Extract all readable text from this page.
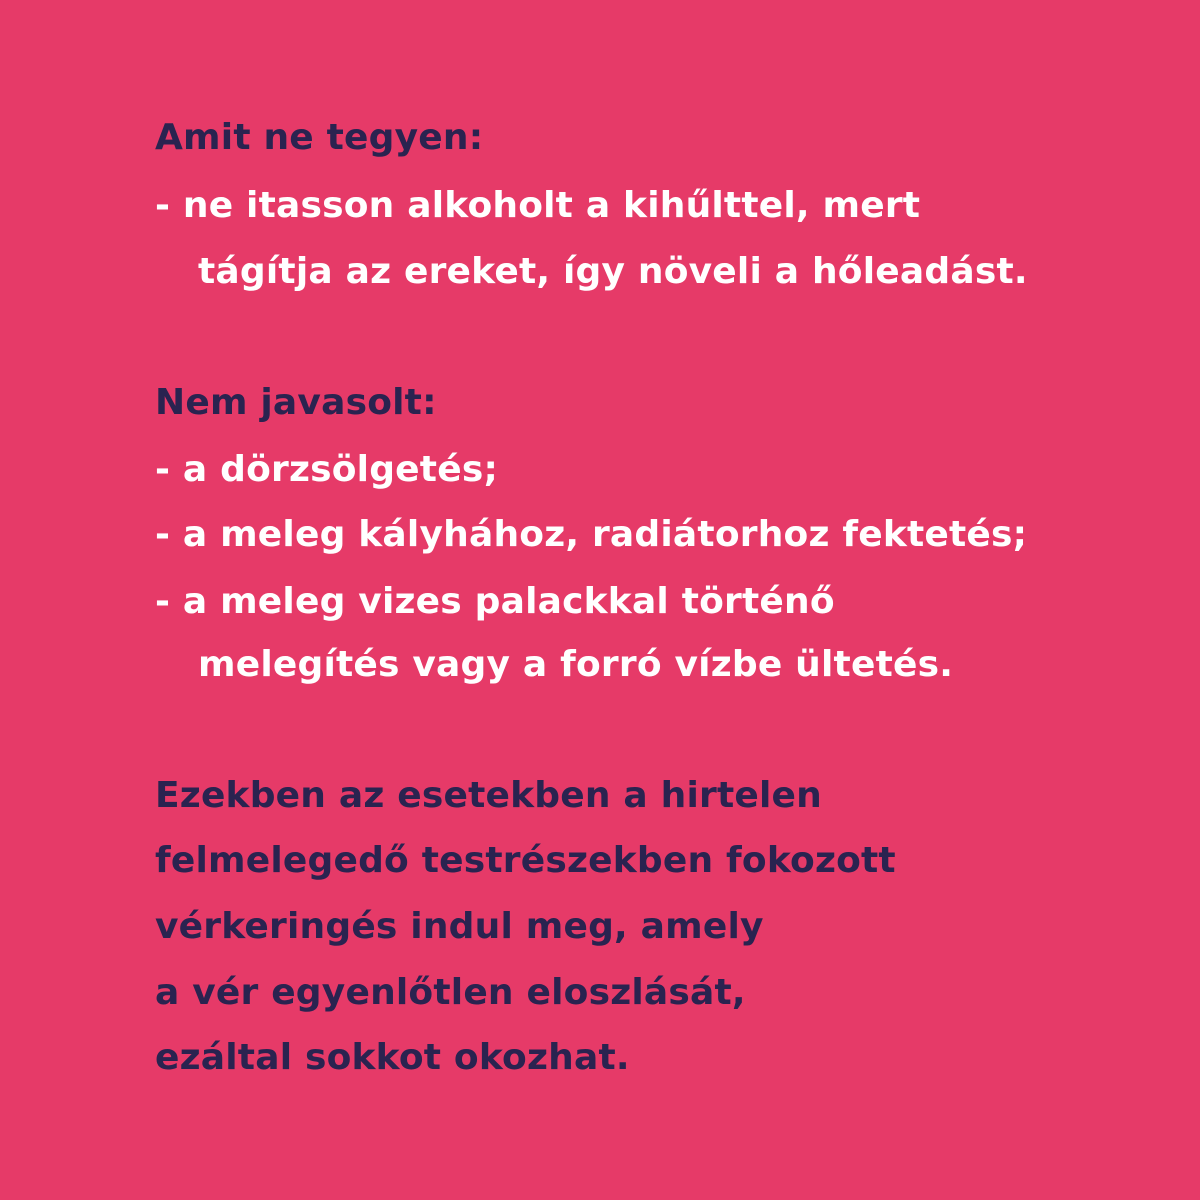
Amit ne tegyen:
- ne itasson alkoholt a kihűlttel, mert
tágítja az ereket, így növeli a hőleadást.
Nem javasolt:
- a dörzsölgetés;
- a meleg kályhához, radiátorhoz fektetés;
- a meleg vizes palackkal történő
melegítés vagy a forró vízbe ültetés.
Ezekben az esetekben a hirtelen
felmelegedő testrészekben fokozott
vérkeringés indul meg, amely
a vér egyenlőtlen eloszlását,
ezáltal sokkot okozhat.
